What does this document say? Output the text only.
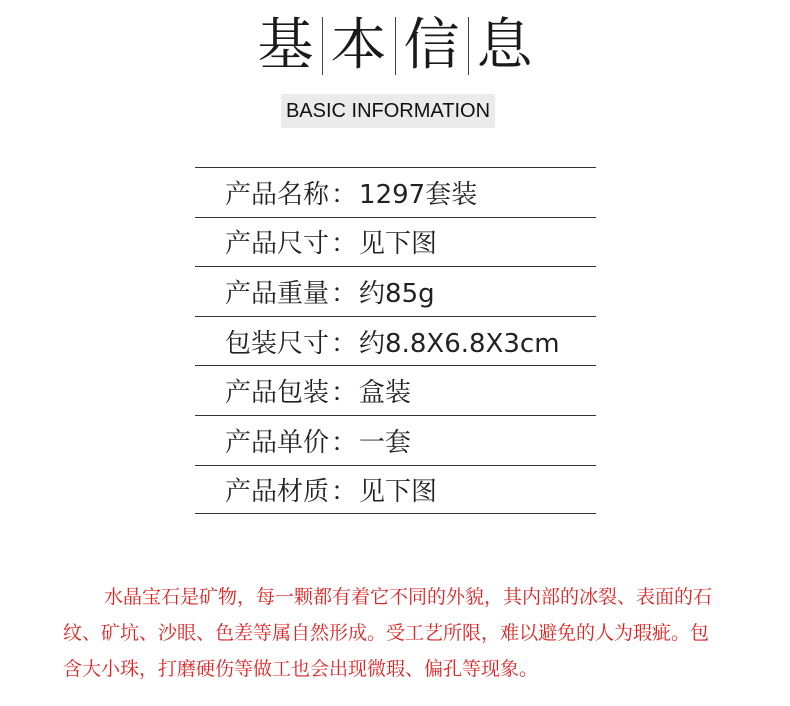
基 本 信 息
BASIC INFORMATION
产品名称 ： 1297套装
产品尺寸 ： 见下图
产品重量 ： 约85g
包装尺寸 ： 约8.8X6.8X3cm
产品包装 ： 盒装
产品单价 ： 一套
产品材质 ： 见下图

水晶宝石是矿物，每一颗都有着它不同的外貌，其内部的冰裂、表面的石纹、矿坑、沙眼、色差等属自然形成。受工艺所限，难以避免的人为瑕疵。包含大小珠，打磨硬伤等做工也会出现微瑕、偏孔等现象。
